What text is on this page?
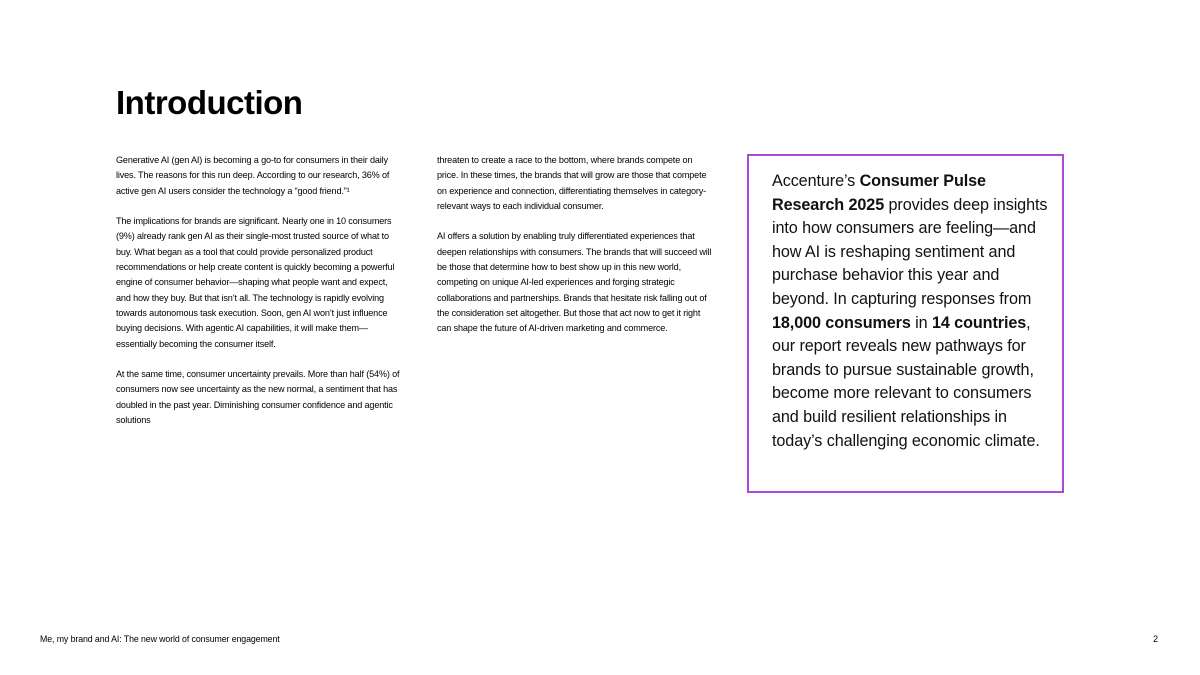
Introduction

Generative AI (gen AI) is becoming a go-to for consumers in their daily lives. The reasons for this run deep. According to our research, 36% of active gen AI users consider the technology a “good friend.”¹

The implications for brands are significant. Nearly one in 10 consumers (9%) already rank gen AI as their single-most trusted source of what to buy. What began as a tool that could provide personalized product recommendations or help create content is quickly becoming a powerful engine of consumer behavior—shaping what people want and expect, and how they buy. But that isn’t all. The technology is rapidly evolving towards autonomous task execution. Soon, gen AI won’t just influence buying decisions. With agentic AI capabilities, it will make them—essentially becoming the consumer itself.

At the same time, consumer uncertainty prevails. More than half (54%) of consumers now see uncertainty as the new normal, a sentiment that has doubled in the past year. Diminishing consumer confidence and agentic solutions

threaten to create a race to the bottom, where brands compete on price. In these times, the brands that will grow are those that compete on experience and connection, differentiating themselves in category-relevant ways to each individual consumer.

AI offers a solution by enabling truly differentiated experiences that deepen relationships with consumers. The brands that will succeed will be those that determine how to best show up in this new world, competing on unique AI-led experiences and forging strategic collaborations and partnerships. Brands that hesitate risk falling out of the consideration set altogether. But those that act now to get it right can shape the future of AI-driven marketing and commerce.

Accenture’s Consumer Pulse Research 2025 provides deep insights into how consumers are feeling—and how AI is reshaping sentiment and purchase behavior this year and beyond. In capturing responses from 18,000 consumers in 14 countries, our report reveals new pathways for brands to pursue sustainable growth, become more relevant to consumers and build resilient relationships in today’s challenging economic climate.
Me, my brand and AI: The new world of consumer engagement	2
